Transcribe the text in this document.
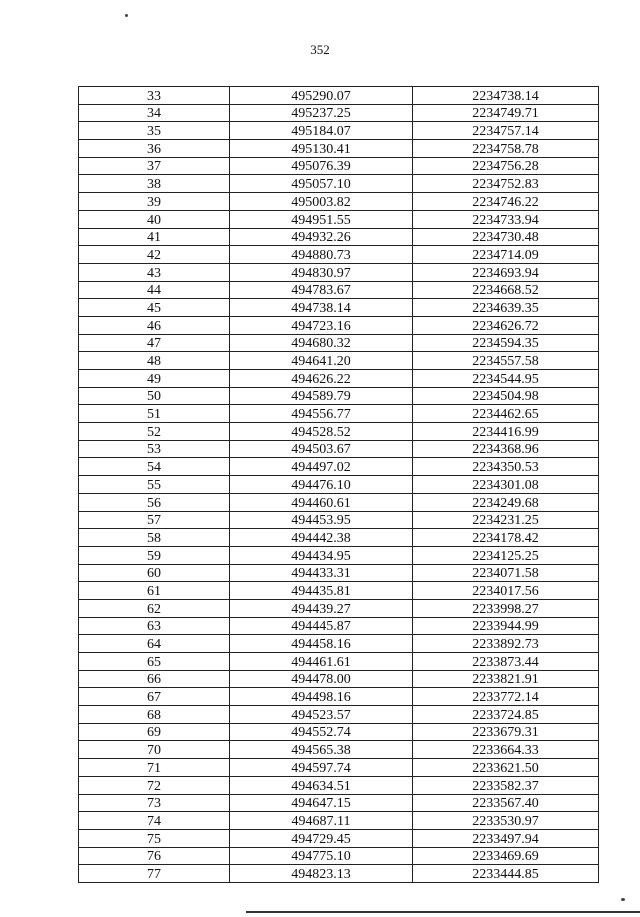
352
33	495290.07	2234738.14
34	495237.25	2234749.71
35	495184.07	2234757.14
36	495130.41	2234758.78
37	495076.39	2234756.28
38	495057.10	2234752.83
39	495003.82	2234746.22
40	494951.55	2234733.94
41	494932.26	2234730.48
42	494880.73	2234714.09
43	494830.97	2234693.94
44	494783.67	2234668.52
45	494738.14	2234639.35
46	494723.16	2234626.72
47	494680.32	2234594.35
48	494641.20	2234557.58
49	494626.22	2234544.95
50	494589.79	2234504.98
51	494556.77	2234462.65
52	494528.52	2234416.99
53	494503.67	2234368.96
54	494497.02	2234350.53
55	494476.10	2234301.08
56	494460.61	2234249.68
57	494453.95	2234231.25
58	494442.38	2234178.42
59	494434.95	2234125.25
60	494433.31	2234071.58
61	494435.81	2234017.56
62	494439.27	2233998.27
63	494445.87	2233944.99
64	494458.16	2233892.73
65	494461.61	2233873.44
66	494478.00	2233821.91
67	494498.16	2233772.14
68	494523.57	2233724.85
69	494552.74	2233679.31
70	494565.38	2233664.33
71	494597.74	2233621.50
72	494634.51	2233582.37
73	494647.15	2233567.40
74	494687.11	2233530.97
75	494729.45	2233497.94
76	494775.10	2233469.69
77	494823.13	2233444.85
